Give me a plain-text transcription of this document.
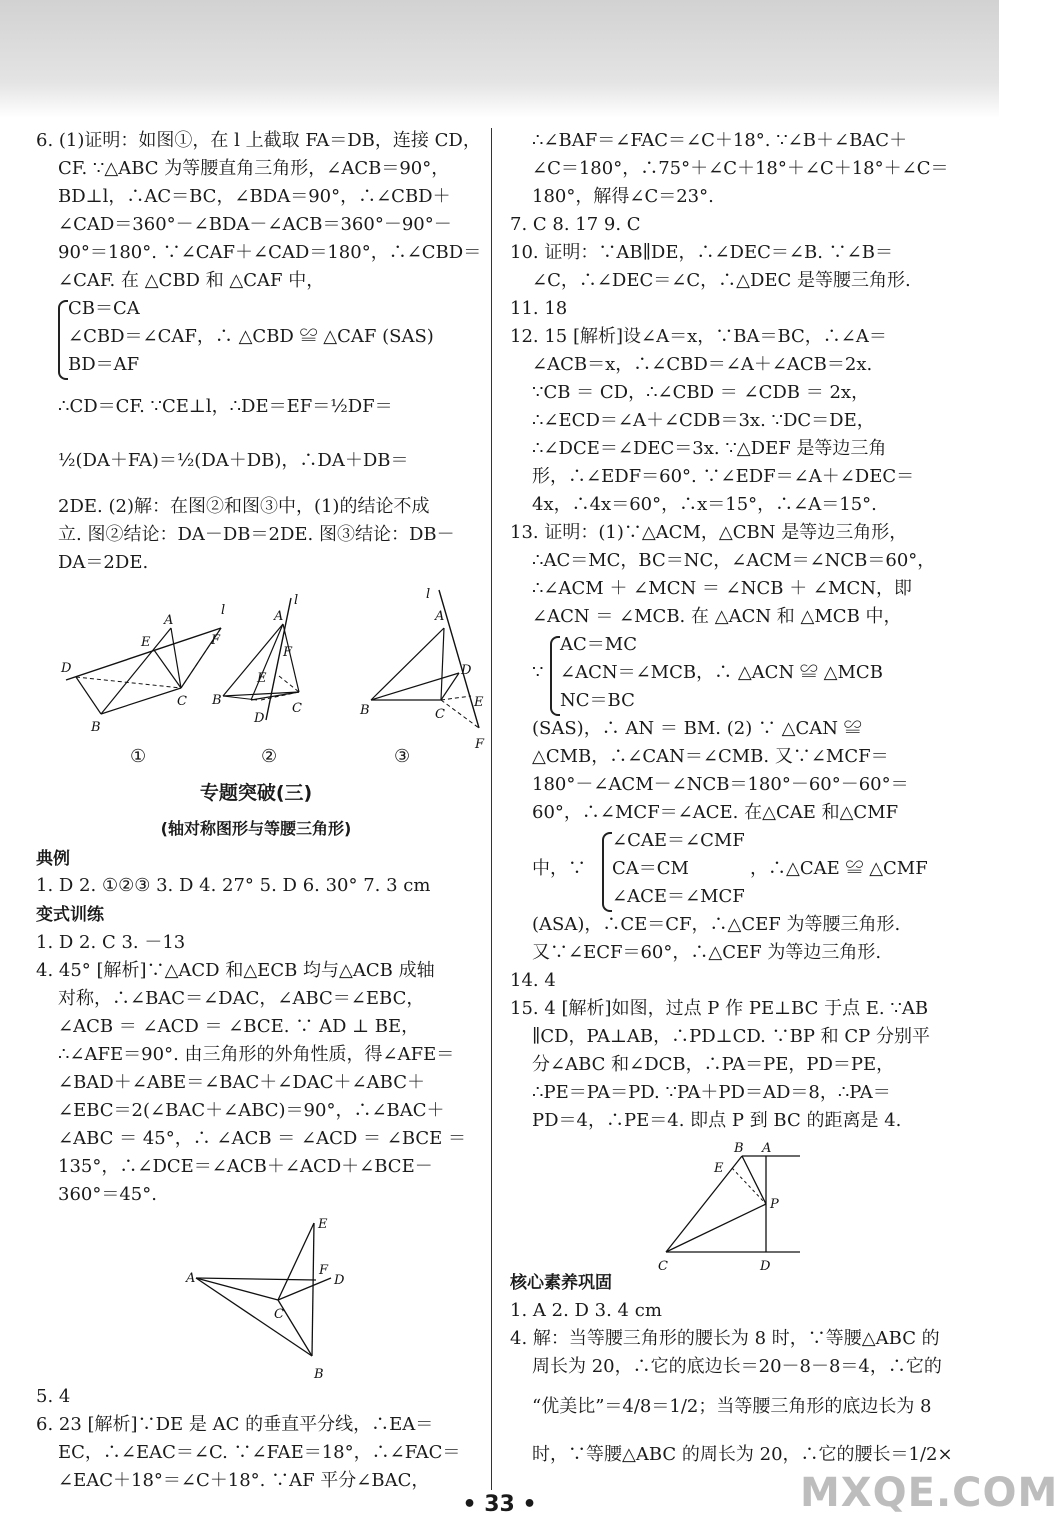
6. (1)证明：如图①，在 l 上截取 FA＝DB，连接 CD，
CF. ∵△ABC 为等腰直角三角形，∠ACB＝90°，
BD⊥l，∴AC＝BC，∠BDA＝90°，∴∠CBD＋
∠CAD＝360°－∠BDA－∠ACB＝360°－90°－
90°＝180°. ∵∠CAF＋∠CAD＝180°，∴∠CBD＝
∠CAF. 在 △CBD 和 △CAF 中，
CB＝CA
∠CBD＝∠CAF，∴ △CBD ≌ △CAF (SAS)
BD＝AF
∴CD＝CF. ∵CE⊥l，∴DE＝EF＝½DF＝
½(DA＋FA)＝½(DA＋DB)，∴DA＋DB＝
2DE. (2)解：在图②和图③中，(1)的结论不成
立. 图②结论：DA－DB＝2DE. 图③结论：DB－
DA＝2DE.
D
E
A
l
F
B
C
A
l
F
E
B
C
D
A
l
D
E
B	C
F
①	②	③
专题突破(三)
(轴对称图形与等腰三角形)
典例
1. D 2. ①②③ 3. D 4. 27° 5. D 6. 30° 7. 3 cm
变式训练
1. D 2. C 3. －13
4. 45° [解析]∵△ACD 和△ECB 均与△ACB 成轴
对称，∴∠BAC＝∠DAC，∠ABC＝∠EBC，
∠ACB ＝ ∠ACD ＝ ∠BCE. ∵ AD ⊥ BE，
∴∠AFE＝90°. 由三角形的外角性质，得∠AFE＝
∠BAD＋∠ABE＝∠BAC＋∠DAC＋∠ABC＋
∠EBC＝2(∠BAC＋∠ABC)＝90°，∴∠BAC＋
∠ABC ＝ 45°，∴ ∠ACB ＝ ∠ACD ＝ ∠BCE ＝
135°，∴∠DCE＝∠ACB＋∠ACD＋∠BCE－
360°＝45°.
A
E
F
D
C
B
5. 4
6. 23 [解析]∵DE 是 AC 的垂直平分线，∴EA＝
EC，∴∠EAC＝∠C. ∵∠FAE＝18°，∴∠FAC＝
∠EAC＋18°＝∠C＋18°. ∵AF 平分∠BAC，
∴∠BAF＝∠FAC＝∠C＋18°. ∵∠B＋∠BAC＋
∠C＝180°，∴75°＋∠C＋18°＋∠C＋18°＋∠C＝
180°，解得∠C＝23°.
7. C 8. 17 9. C
10. 证明：∵AB∥DE，∴∠DEC＝∠B. ∵∠B＝
∠C，∴∠DEC＝∠C，∴△DEC 是等腰三角形.
11. 18
12. 15 [解析]设∠A＝x，∵BA＝BC，∴∠A＝
∠ACB＝x，∴∠CBD＝∠A＋∠ACB＝2x.
∵CB ＝ CD，∴∠CBD ＝ ∠CDB ＝ 2x，
∴∠ECD＝∠A＋∠CDB＝3x. ∵DC＝DE，
∴∠DCE＝∠DEC＝3x. ∵△DEF 是等边三角
形，∴∠EDF＝60°. ∵∠EDF＝∠A＋∠DEC＝
4x，∴4x＝60°，∴x＝15°，∴∠A＝15°.
13. 证明：(1)∵△ACM，△CBN 是等边三角形，
∴AC＝MC，BC＝NC，∠ACM＝∠NCB＝60°，
∴∠ACM ＋ ∠MCN ＝ ∠NCB ＋ ∠MCN，即
∠ACN ＝ ∠MCB. 在 △ACN 和 △MCB 中，
∵
AC＝MC
∠ACN＝∠MCB，∴ △ACN ≌ △MCB
NC＝BC
(SAS)，∴ AN ＝ BM. (2) ∵ △CAN ≌
△CMB，∴∠CAN＝∠CMB. 又∵∠MCF＝
180°－∠ACM－∠NCB＝180°－60°－60°＝
60°，∴∠MCF＝∠ACE. 在△CAE 和△CMF
中，∵
∠CAE＝∠CMF
CA＝CM
∠ACE＝∠MCF
，∴△CAE ≌ △CMF
(ASA)，∴CE＝CF，∴△CEF 为等腰三角形.
又∵∠ECF＝60°，∴△CEF 为等边三角形.
14. 4
15. 4 [解析]如图，过点 P 作 PE⊥BC 于点 E. ∵AB
∥CD，PA⊥AB，∴PD⊥CD. ∵BP 和 CP 分别平
分∠ABC 和∠DCB，∴PA＝PE，PD＝PE，
∴PE＝PA＝PD. ∵PA＋PD＝AD＝8，∴PA＝
PD＝4，∴PE＝4. 即点 P 到 BC 的距离是 4.
B A
E
P
C	D
核心素养巩固
1. A 2. D 3. 4 cm
4. 解：当等腰三角形的腰长为 8 时，∵等腰△ABC 的
周长为 20，∴它的底边长＝20－8－8＝4，∴它的
“优美比”＝4/8＝1/2；当等腰三角形的底边长为 8
时，∵等腰△ABC 的周长为 20，∴它的腰长＝1/2×
• 33 •	MXQE.COM
